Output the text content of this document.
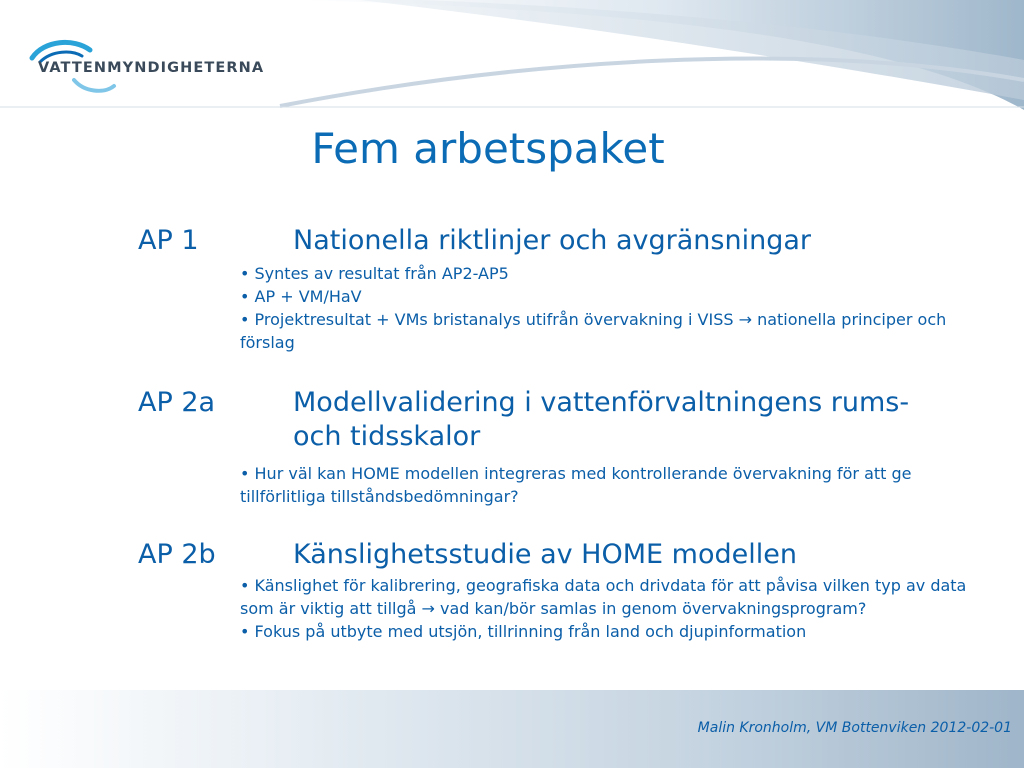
VATTENMYNDIGHETERNA
Fem arbetspaket
AP 1	Nationella riktlinjer och avgränsningar

• Syntes av resultat från AP2-AP5

• AP + VM/HaV

• Projektresultat + VMs bristanalys utifrån övervakning i VISS → nationella principer och förslag

AP 2a	Modellvalidering i vattenförvaltningens rums- och tidsskalor

• Hur väl kan HOME modellen integreras med kontrollerande övervakning för att ge tillförlitliga tillståndsbedömningar?

AP 2b	Känslighetsstudie av HOME modellen

• Känslighet för kalibrering, geografiska data och drivdata för att påvisa vilken typ av data som är viktig att tillgå → vad kan/bör samlas in genom övervakningsprogram?

• Fokus på utbyte med utsjön, tillrinning från land och djupinformation

Malin Kronholm, VM Bottenviken 2012-02-01
